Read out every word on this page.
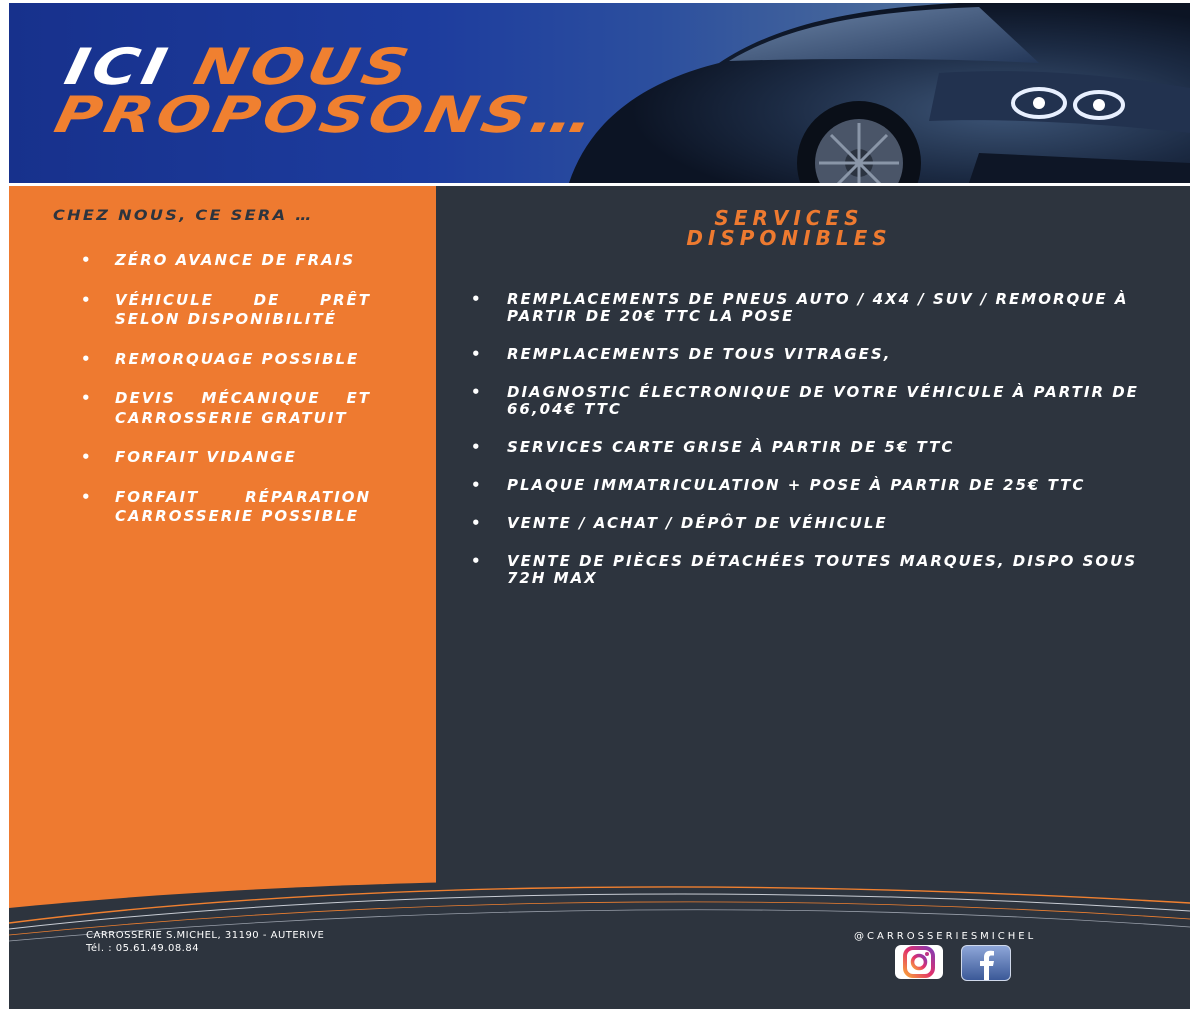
ICI NOUS
PROPOSONS…
CHEZ NOUS, CE SERA …
• ZÉRO AVANCE DE FRAIS
• VÉHICULE DE PRÊT SELON DISPONIBILITÉ
• REMORQUAGE POSSIBLE
• DEVIS MÉCANIQUE ET CARROSSERIE GRATUIT
• FORFAIT VIDANGE
• FORFAIT RÉPARATION CARROSSERIE POSSIBLE
SERVICES
DISPONIBLES
• REMPLACEMENTS DE PNEUS AUTO / 4X4 / SUV / REMORQUE À PARTIR DE 20€ TTC LA POSE
• REMPLACEMENTS DE TOUS VITRAGES,
• DIAGNOSTIC ÉLECTRONIQUE DE VOTRE VÉHICULE À PARTIR DE 66,04€ TTC
• SERVICES CARTE GRISE À PARTIR DE 5€ TTC
• PLAQUE IMMATRICULATION + POSE À PARTIR DE 25€ TTC
• VENTE / ACHAT / DÉPÔT DE VÉHICULE
• VENTE DE PIÈCES DÉTACHÉES TOUTES MARQUES, DISPO SOUS 72H MAX
CARROSSERIE S.MICHEL, 31190 - AUTERIVE
Tél. : 05.61.49.08.84
@CARROSSERIESMICHEL
